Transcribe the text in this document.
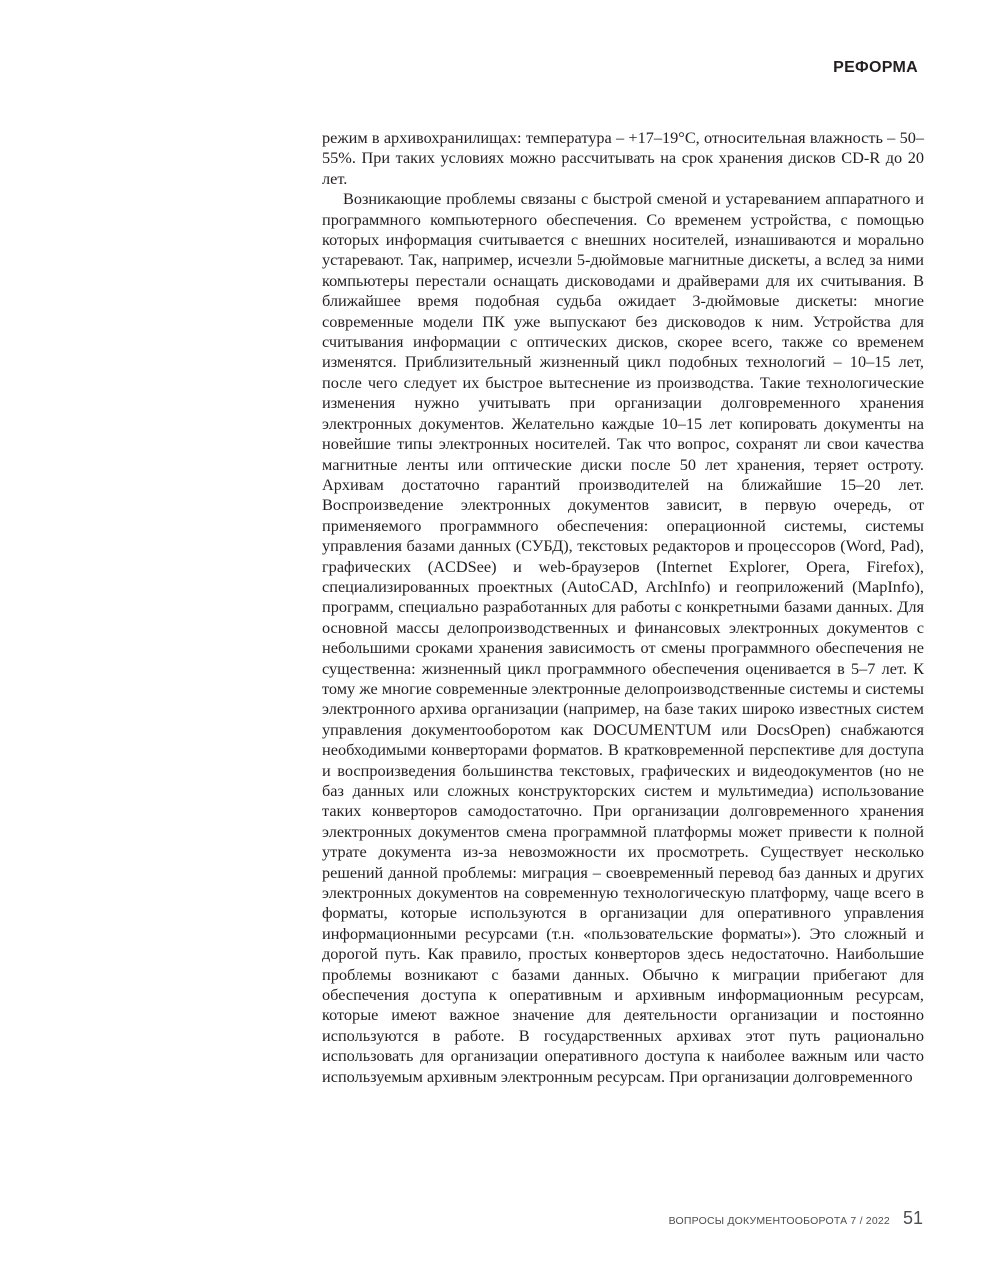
РЕФОРМА

режим в архивохранилищах: температура – +17–19°С, относительная влажность – 50–55%. При таких условиях можно рассчитывать на срок хранения дисков CD-R до 20 лет.

Возникающие проблемы связаны с быстрой сменой и устареванием аппаратного и программного компьютерного обеспечения. Со временем устройства, с помощью которых информация считывается с внешних носителей, изнашиваются и морально устаревают. Так, например, исчезли 5-дюймовые магнитные дискеты, а вслед за ними компьютеры перестали оснащать дисководами и драйверами для их считывания. В ближайшее время подобная судьба ожидает 3-дюймовые дискеты: многие современные модели ПК уже выпускают без дисководов к ним. Устройства для считывания информации с оптических дисков, скорее всего, также со временем изменятся. Приблизительный жизненный цикл подобных технологий – 10–15 лет, после чего следует их быстрое вытеснение из производства. Такие технологические изменения нужно учитывать при организации долговременного хранения электронных документов. Желательно каждые 10–15 лет копировать документы на новейшие типы электронных носителей. Так что вопрос, сохранят ли свои качества магнитные ленты или оптические диски после 50 лет хранения, теряет остроту. Архивам достаточно гарантий производителей на ближайшие 15–20 лет. Воспроизведение электронных документов зависит, в первую очередь, от применяемого программного обеспечения: операционной системы, системы управления базами данных (СУБД), текстовых редакторов и процессоров (Word, Pad), графических (ACDSee) и web-браузеров (Internet Explorer, Opera, Firefox), специализированных проектных (AutoCAD, ArchInfo) и геоприложений (MapInfo), программ, специально разработанных для работы с конкретными базами данных. Для основной массы делопроизводственных и финансовых электронных документов с небольшими сроками хранения зависимость от смены программного обеспечения не существенна: жизненный цикл программного обеспечения оценивается в 5–7 лет. К тому же многие современные электронные делопроизводственные системы и системы электронного архива организации (например, на базе таких широко известных систем управления документооборотом как DOCUMENTUM или DocsOpen) снабжаются необходимыми конверторами форматов. В кратковременной перспективе для доступа и воспроизведения большинства текстовых, графических и видеодокументов (но не баз данных или сложных конструкторских систем и мультимедиа) использование таких конверторов самодостаточно. При организации долговременного хранения электронных документов смена программной платформы может привести к полной утрате документа из-за невозможности их просмотреть. Существует несколько решений данной проблемы: миграция – своевременный перевод баз данных и других электронных документов на современную технологическую платформу, чаще всего в форматы, которые используются в организации для оперативного управления информационными ресурсами (т.н. «пользовательские форматы»). Это сложный и дорогой путь. Как правило, простых конверторов здесь недостаточно. Наибольшие проблемы возникают с базами данных. Обычно к миграции прибегают для обеспечения доступа к оперативным и архивным информационным ресурсам, которые имеют важное значение для деятельности организации и постоянно используются в работе. В государственных архивах этот путь рационально использовать для организации оперативного доступа к наиболее важным или часто используемым архивным электронным ресурсам. При организации долговременного

ВОПРОСЫ ДОКУМЕНТООБОРОТА 7 / 2022 51
